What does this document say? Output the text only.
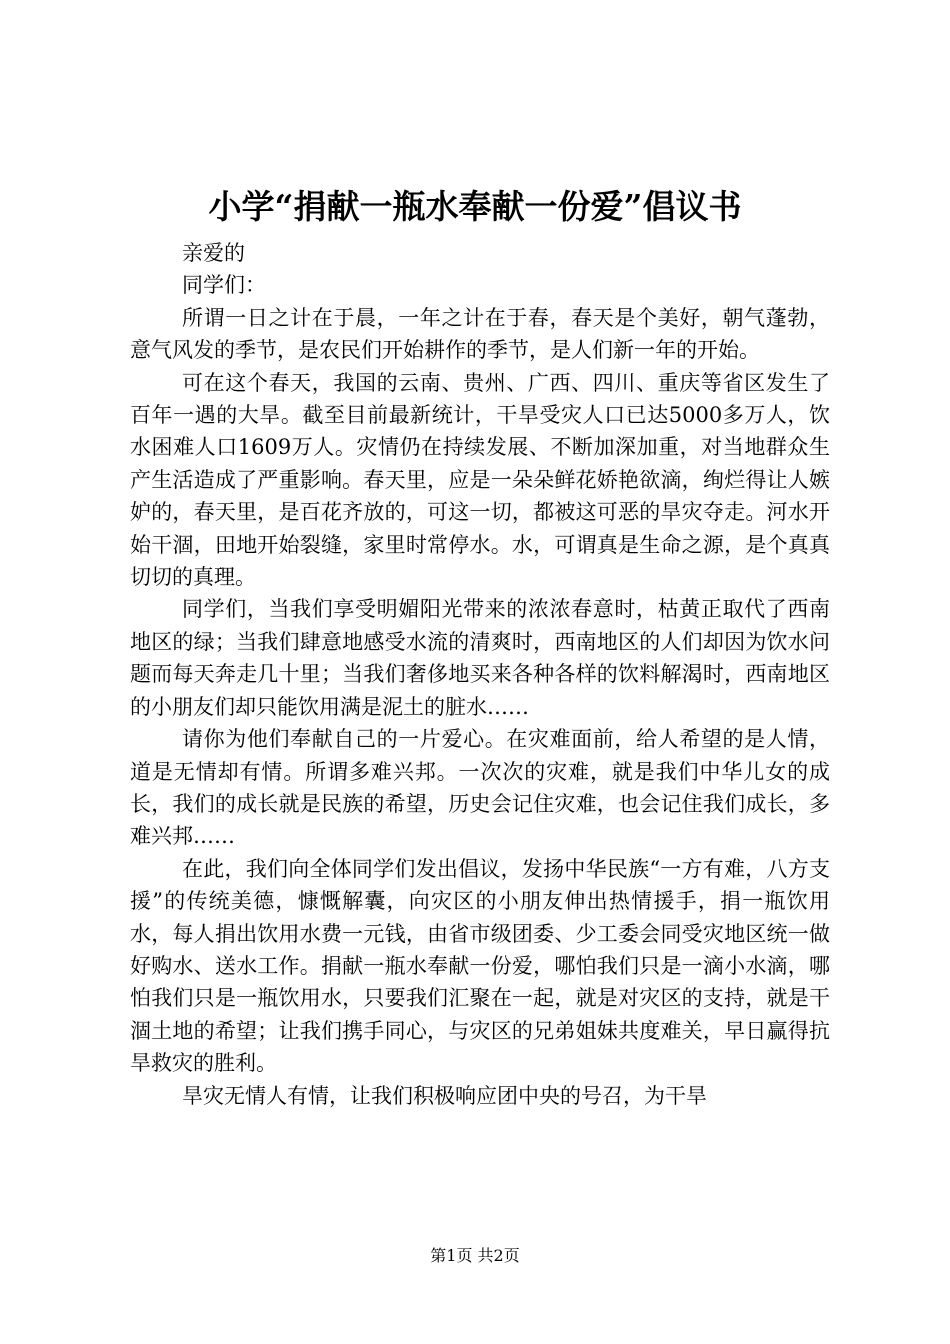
小学“捐献一瓶水奉献一份爱”倡议书

亲爱的

同学们：

所谓一日之计在于晨，一年之计在于春，春天是个美好，朝气蓬勃，意气风发的季节，是农民们开始耕作的季节，是人们新一年的开始。

可在这个春天，我国的云南、贵州、广西、四川、重庆等省区发生了百年一遇的大旱。截至目前最新统计，干旱受灾人口已达5000多万人，饮水困难人口1609万人。灾情仍在持续发展、不断加深加重，对当地群众生产生活造成了严重影响。春天里，应是一朵朵鲜花娇艳欲滴，绚烂得让人嫉妒的，春天里，是百花齐放的，可这一切，都被这可恶的旱灾夺走。河水开始干涸，田地开始裂缝，家里时常停水。水，可谓真是生命之源，是个真真切切的真理。

同学们，当我们享受明媚阳光带来的浓浓春意时，枯黄正取代了西南地区的绿；当我们肆意地感受水流的清爽时，西南地区的人们却因为饮水问题而每天奔走几十里；当我们奢侈地买来各种各样的饮料解渴时，西南地区的小朋友们却只能饮用满是泥土的脏水……

请你为他们奉献自己的一片爱心。在灾难面前，给人希望的是人情，道是无情却有情。所谓多难兴邦。一次次的灾难，就是我们中华儿女的成长，我们的成长就是民族的希望，历史会记住灾难，也会记住我们成长，多难兴邦……

在此，我们向全体同学们发出倡议，发扬中华民族“一方有难，八方支援”的传统美德，慷慨解囊，向灾区的小朋友伸出热情援手，捐一瓶饮用水，每人捐出饮用水费一元钱，由省市级团委、少工委会同受灾地区统一做好购水、送水工作。捐献一瓶水奉献一份爱，哪怕我们只是一滴小水滴，哪怕我们只是一瓶饮用水，只要我们汇聚在一起，就是对灾区的支持，就是干涸土地的希望；让我们携手同心，与灾区的兄弟姐妹共度难关，早日赢得抗旱救灾的胜利。

旱灾无情人有情，让我们积极响应团中央的号召，为干旱

第1页 共2页
